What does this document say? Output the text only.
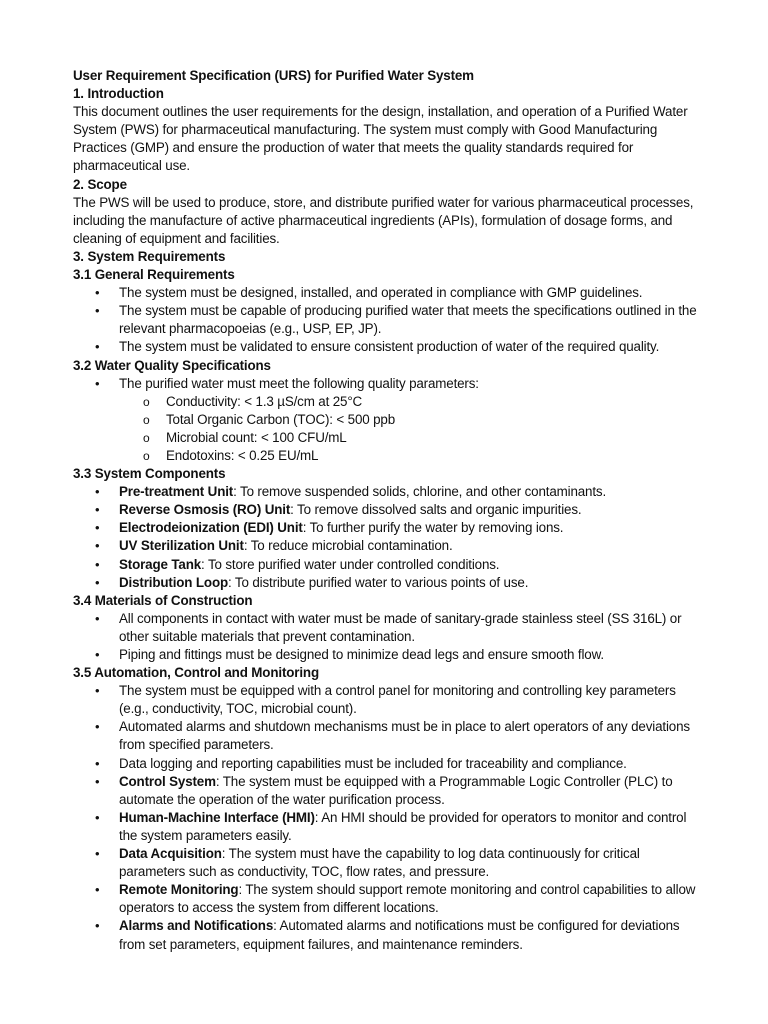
User Requirement Specification (URS) for Purified Water System

1. Introduction

This document outlines the user requirements for the design, installation, and operation of a Purified Water System (PWS) for pharmaceutical manufacturing. The system must comply with Good Manufacturing Practices (GMP) and ensure the production of water that meets the quality standards required for pharmaceutical use.

2. Scope

The PWS will be used to produce, store, and distribute purified water for various pharmaceutical processes, including the manufacture of active pharmaceutical ingredients (APIs), formulation of dosage forms, and cleaning of equipment and facilities.

3. System Requirements

3.1 General Requirements

• The system must be designed, installed, and operated in compliance with GMP guidelines.
• The system must be capable of producing purified water that meets the specifications outlined in the relevant pharmacopoeias (e.g., USP, EP, JP).
• The system must be validated to ensure consistent production of water of the required quality.

3.2 Water Quality Specifications

• The purified water must meet the following quality parameters:
o Conductivity: < 1.3 µS/cm at 25°C
o Total Organic Carbon (TOC): < 500 ppb
o Microbial count: < 100 CFU/mL
o Endotoxins: < 0.25 EU/mL

3.3 System Components

• Pre-treatment Unit: To remove suspended solids, chlorine, and other contaminants.
• Reverse Osmosis (RO) Unit: To remove dissolved salts and organic impurities.
• Electrodeionization (EDI) Unit: To further purify the water by removing ions.
• UV Sterilization Unit: To reduce microbial contamination.
• Storage Tank: To store purified water under controlled conditions.
• Distribution Loop: To distribute purified water to various points of use.

3.4 Materials of Construction

• All components in contact with water must be made of sanitary-grade stainless steel (SS 316L) or other suitable materials that prevent contamination.
• Piping and fittings must be designed to minimize dead legs and ensure smooth flow.

3.5 Automation, Control and Monitoring

• The system must be equipped with a control panel for monitoring and controlling key parameters (e.g., conductivity, TOC, microbial count).
• Automated alarms and shutdown mechanisms must be in place to alert operators of any deviations from specified parameters.
• Data logging and reporting capabilities must be included for traceability and compliance.
• Control System: The system must be equipped with a Programmable Logic Controller (PLC) to automate the operation of the water purification process.
• Human-Machine Interface (HMI): An HMI should be provided for operators to monitor and control the system parameters easily.
• Data Acquisition: The system must have the capability to log data continuously for critical parameters such as conductivity, TOC, flow rates, and pressure.
• Remote Monitoring: The system should support remote monitoring and control capabilities to allow operators to access the system from different locations.
• Alarms and Notifications: Automated alarms and notifications must be configured for deviations from set parameters, equipment failures, and maintenance reminders.
